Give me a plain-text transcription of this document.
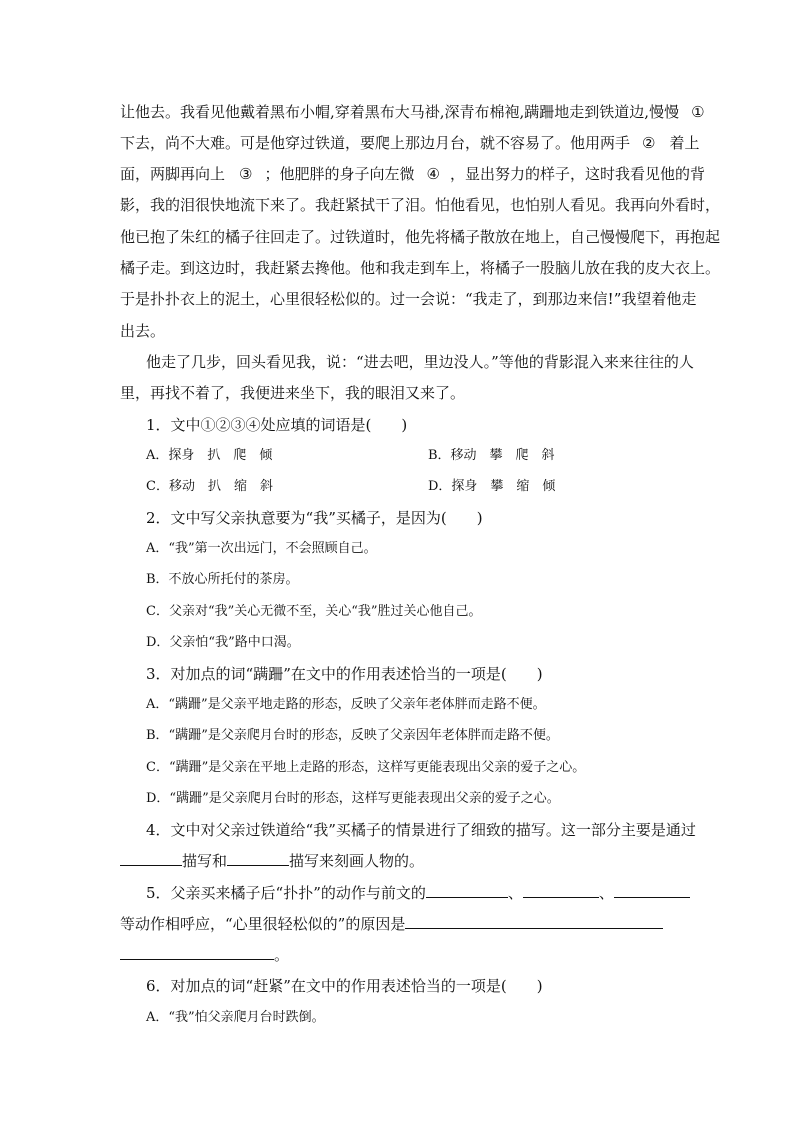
让他去。我看见他戴着黑布小帽,穿着黑布大马褂,深青布棉袍,蹒跚地走到铁道边,慢慢 ①
下去，尚不大难。可是他穿过铁道，要爬上那边月台，就不容易了。他用两手 ② 着上
面，两脚再向上 ③ ；他肥胖的身子向左微 ④ ，显出努力的样子，这时我看见他的背
影，我的泪很快地流下来了。我赶紧拭干了泪。怕他看见，也怕别人看见。我再向外看时，
他已抱了朱红的橘子往回走了。过铁道时，他先将橘子散放在地上，自己慢慢爬下，再抱起
橘子走。到这边时，我赶紧去搀他。他和我走到车上，将橘子一股脑儿放在我的皮大衣上。
于是扑扑衣上的泥土，心里很轻松似的。过一会说：“我走了，到那边来信!”我望着他走
出去。
他走了几步，回头看见我，说：“进去吧，里边没人。”等他的背影混入来来往往的人
里，再找不着了，我便进来坐下，我的眼泪又来了。
1．文中①②③④处应填的词语是(　　)
A．探身　扒　爬　倾	B．移动　攀　爬　斜
C．移动　扒　缩　斜	D．探身　攀　缩　倾
2．文中写父亲执意要为“我”买橘子，是因为(　　)
A．“我”第一次出远门，不会照顾自己。
B．不放心所托付的茶房。
C．父亲对“我”关心无微不至，关心“我”胜过关心他自己。
D．父亲怕“我”路中口渴。
3．对加点的词“蹒跚”在文中的作用表述恰当的一项是(　　)
A．“蹒跚”是父亲平地走路的形态，反映了父亲年老体胖而走路不便。
B．“蹒跚”是父亲爬月台时的形态，反映了父亲因年老体胖而走路不便。
C．“蹒跚”是父亲在平地上走路的形态，这样写更能表现出父亲的爱子之心。
D．“蹒跚”是父亲爬月台时的形态，这样写更能表现出父亲的爱子之心。
4．文中对父亲过铁道给“我”买橘子的情景进行了细致的描写。这一部分主要是通过
描写和	描写来刻画人物的。
5．父亲买来橘子后“扑扑”的动作与前文的	、	、
等动作相呼应，“心里很轻松似的”的原因是
。
6．对加点的词“赶紧”在文中的作用表述恰当的一项是(　　)
A．“我”怕父亲爬月台时跌倒。
